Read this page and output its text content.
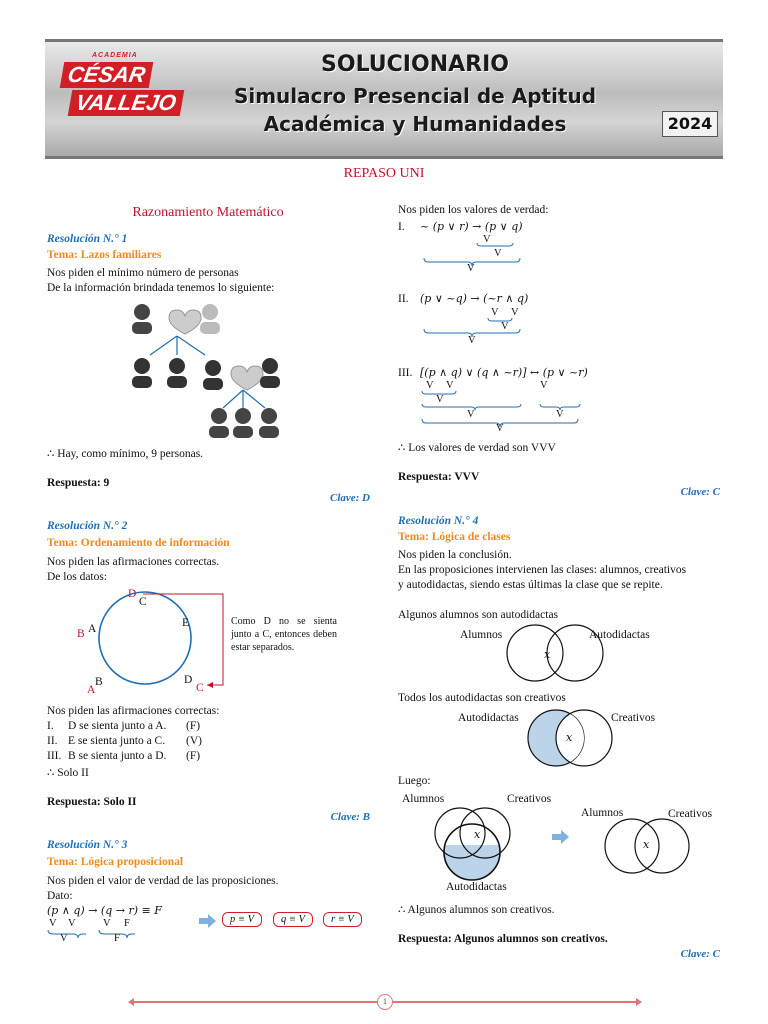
ACADEMIA
CÉSAR
VALLEJO
SOLUCIONARIO
Simulacro Presencial de Aptitud
Académica y Humanidades	2024
REPASO UNI
Razonamiento Matemático
Resolución N.° 1
Tema: Lazos familiares
Nos piden el mínimo número de personas
De la información brindada tenemos lo siguiente:
∴ Hay, como mínimo, 9 personas.
Respuesta: 9
Clave: D
Resolución N.° 2
Tema: Ordenamiento de información
Nos piden las afirmaciones correctas.
De los datos:
C
A	E
B	D
D
B
A	C
Como D no se sienta junto a C, entonces deben estar separados.
Nos piden las afirmaciones correctas:
I. D se sienta junto a A. (F)
II. E se sienta junto a C. (V)
III. B se sienta junto a D. (F)
∴ Solo II
Respuesta: Solo II
Clave: B
Resolución N.° 3
Tema: Lógica proposicional
Nos piden el valor de verdad de las proposiciones.
Dato:
(p ∧ q) → (q → r) ≡ F
V V	V F
V	F
p ≡ V	q ≡ V	r ≡ V
Nos piden los valores de verdad:
I. ~ (p ∨ r) → (p ∨ q)
V
V
V
II. (p ∨ ~q) → (~r ∧ q)
V V
V
V
III. [(p ∧ q) ∨ (q ∧ ~r)] ↔ (p ∨ ~r)
V V	V
V
V	V
V
∴ Los valores de verdad son VVV
Respuesta: VVV
Clave: C
Resolución N.° 4
Tema: Lógica de clases
Nos piden la conclusión.
En las proposiciones intervienen las clases: alumnos, creativos
y autodidactas, siendo estas últimas la clase que se repite.
Algunos alumnos son autodidactas
Alumnos	Autodidactas
x
Todos los autodidactas son creativos
Autodidactas	Creativos
x
Luego:
Alumnos	Creativos
Autodidactas
x
Alumnos	Creativos
x
∴ Algunos alumnos son creativos.
Respuesta: Algunos alumnos son creativos.
Clave: C
1
